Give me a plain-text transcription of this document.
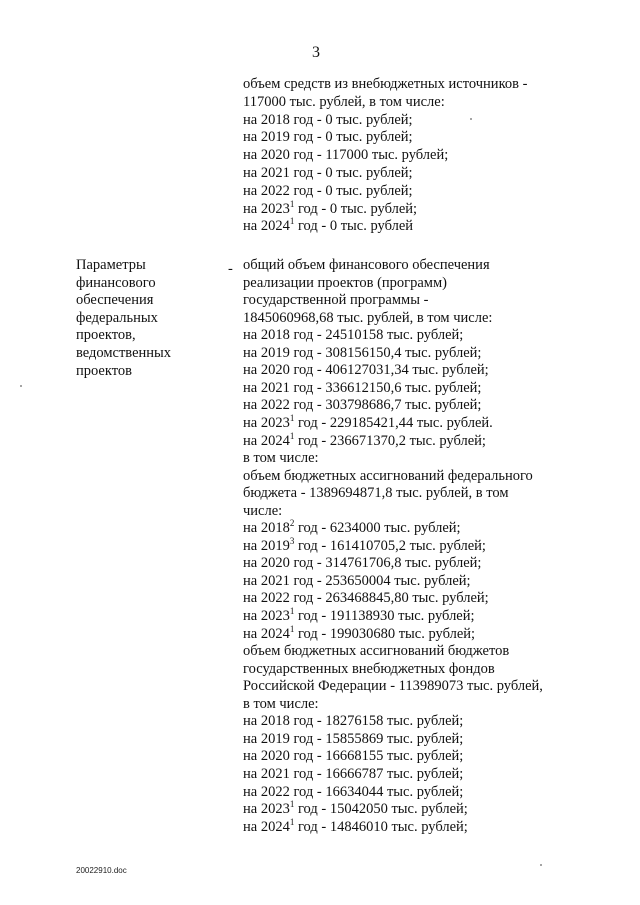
3
объем средств из внебюджетных источников -
117000 тыс. рублей, в том числе:
на 2018 год - 0 тыс. рублей;
на 2019 год - 0 тыс. рублей;
на 2020 год - 117000 тыс. рублей;
на 2021 год - 0 тыс. рублей;
на 2022 год - 0 тыс. рублей;
на 2023$^1$ год - 0 тыс. рублей;
на 2024$^1$ год - 0 тыс. рублей
Параметры
финансового
обеспечения
федеральных
проектов,
ведомственных
проектов
- общий объем финансового обеспечения
реализации проектов (программ)
государственной программы -
1845060968,68 тыс. рублей, в том числе:
на 2018 год - 24510158 тыс. рублей;
на 2019 год - 308156150,4 тыс. рублей;
на 2020 год - 406127031,34 тыс. рублей;
на 2021 год - 336612150,6 тыс. рублей;
на 2022 год - 303798686,7 тыс. рублей;
на 2023$^1$ год - 229185421,44 тыс. рублей.
на 2024$^1$ год - 236671370,2 тыс. рублей;
в том числе:
объем бюджетных ассигнований федерального
бюджета - 1389694871,8 тыс. рублей, в том
числе:
на 2018$^2$ год - 6234000 тыс. рублей;
на 2019$^3$ год - 161410705,2 тыс. рублей;
на 2020 год - 314761706,8 тыс. рублей;
на 2021 год - 253650004 тыс. рублей;
на 2022 год - 263468845,80 тыс. рублей;
на 2023$^1$ год - 191138930 тыс. рублей;
на 2024$^1$ год - 199030680 тыс. рублей;
объем бюджетных ассигнований бюджетов
государственных внебюджетных фондов
Российской Федерации - 113989073 тыс. рублей,
в том числе:
на 2018 год - 18276158 тыс. рублей;
на 2019 год - 15855869 тыс. рублей;
на 2020 год - 16668155 тыс. рублей;
на 2021 год - 16666787 тыс. рублей;
на 2022 год - 16634044 тыс. рублей;
на 2023$^1$ год - 15042050 тыс. рублей;
на 2024$^1$ год - 14846010 тыс. рублей;
20022910.doc
